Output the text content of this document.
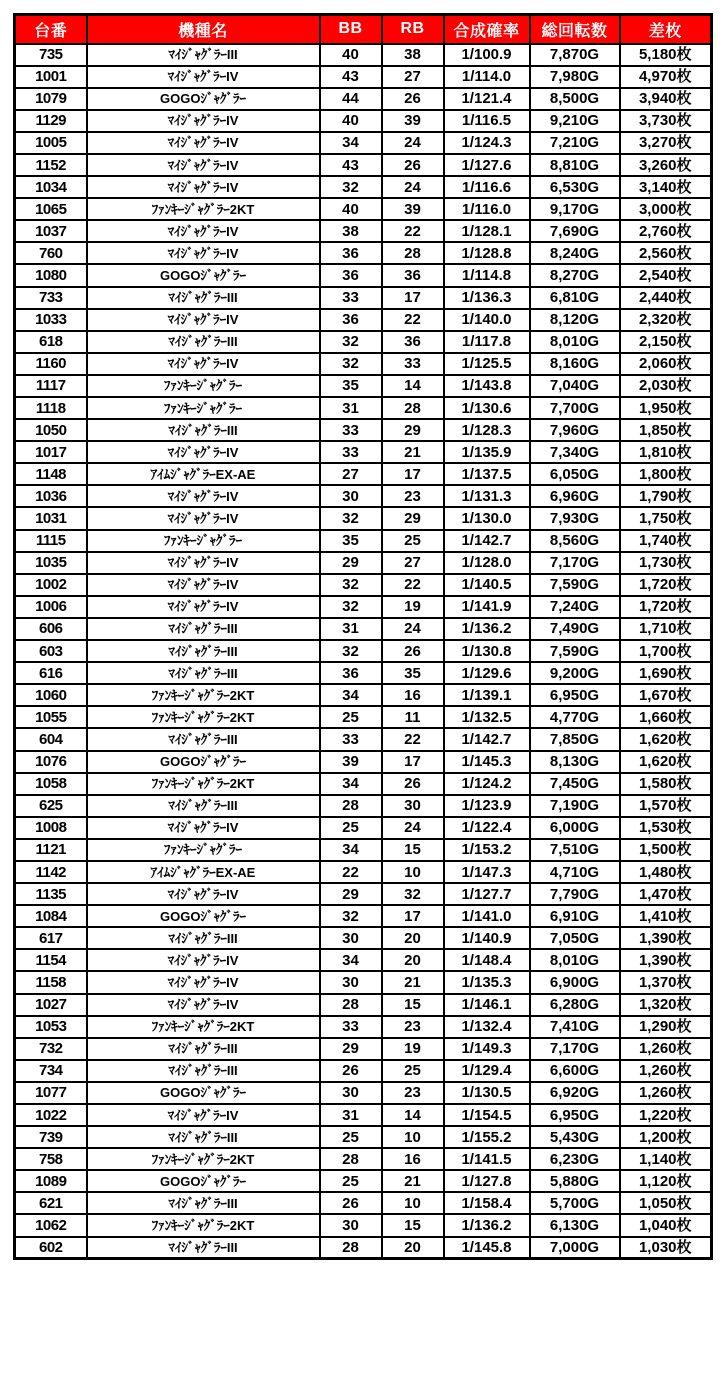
台番	機種名	BB	RB	合成確率	総回転数	差枚
735	ﾏｲｼﾞｬｸﾞﾗｰIII	40	38	1/100.9	7,870G	5,180枚
1001	ﾏｲｼﾞｬｸﾞﾗｰIV	43	27	1/114.0	7,980G	4,970枚
1079	GOGOｼﾞｬｸﾞﾗｰ	44	26	1/121.4	8,500G	3,940枚
1129	ﾏｲｼﾞｬｸﾞﾗｰIV	40	39	1/116.5	9,210G	3,730枚
1005	ﾏｲｼﾞｬｸﾞﾗｰIV	34	24	1/124.3	7,210G	3,270枚
1152	ﾏｲｼﾞｬｸﾞﾗｰIV	43	26	1/127.6	8,810G	3,260枚
1034	ﾏｲｼﾞｬｸﾞﾗｰIV	32	24	1/116.6	6,530G	3,140枚
1065	ﾌｧﾝｷｰｼﾞｬｸﾞﾗｰ2KT	40	39	1/116.0	9,170G	3,000枚
1037	ﾏｲｼﾞｬｸﾞﾗｰIV	38	22	1/128.1	7,690G	2,760枚
760	ﾏｲｼﾞｬｸﾞﾗｰIV	36	28	1/128.8	8,240G	2,560枚
1080	GOGOｼﾞｬｸﾞﾗｰ	36	36	1/114.8	8,270G	2,540枚
733	ﾏｲｼﾞｬｸﾞﾗｰIII	33	17	1/136.3	6,810G	2,440枚
1033	ﾏｲｼﾞｬｸﾞﾗｰIV	36	22	1/140.0	8,120G	2,320枚
618	ﾏｲｼﾞｬｸﾞﾗｰIII	32	36	1/117.8	8,010G	2,150枚
1160	ﾏｲｼﾞｬｸﾞﾗｰIV	32	33	1/125.5	8,160G	2,060枚
1117	ﾌｧﾝｷｰｼﾞｬｸﾞﾗｰ	35	14	1/143.8	7,040G	2,030枚
1118	ﾌｧﾝｷｰｼﾞｬｸﾞﾗｰ	31	28	1/130.6	7,700G	1,950枚
1050	ﾏｲｼﾞｬｸﾞﾗｰIII	33	29	1/128.3	7,960G	1,850枚
1017	ﾏｲｼﾞｬｸﾞﾗｰIV	33	21	1/135.9	7,340G	1,810枚
1148	ｱｲﾑｼﾞｬｸﾞﾗｰEX-AE	27	17	1/137.5	6,050G	1,800枚
1036	ﾏｲｼﾞｬｸﾞﾗｰIV	30	23	1/131.3	6,960G	1,790枚
1031	ﾏｲｼﾞｬｸﾞﾗｰIV	32	29	1/130.0	7,930G	1,750枚
1115	ﾌｧﾝｷｰｼﾞｬｸﾞﾗｰ	35	25	1/142.7	8,560G	1,740枚
1035	ﾏｲｼﾞｬｸﾞﾗｰIV	29	27	1/128.0	7,170G	1,730枚
1002	ﾏｲｼﾞｬｸﾞﾗｰIV	32	22	1/140.5	7,590G	1,720枚
1006	ﾏｲｼﾞｬｸﾞﾗｰIV	32	19	1/141.9	7,240G	1,720枚
606	ﾏｲｼﾞｬｸﾞﾗｰIII	31	24	1/136.2	7,490G	1,710枚
603	ﾏｲｼﾞｬｸﾞﾗｰIII	32	26	1/130.8	7,590G	1,700枚
616	ﾏｲｼﾞｬｸﾞﾗｰIII	36	35	1/129.6	9,200G	1,690枚
1060	ﾌｧﾝｷｰｼﾞｬｸﾞﾗｰ2KT	34	16	1/139.1	6,950G	1,670枚
1055	ﾌｧﾝｷｰｼﾞｬｸﾞﾗｰ2KT	25	11	1/132.5	4,770G	1,660枚
604	ﾏｲｼﾞｬｸﾞﾗｰIII	33	22	1/142.7	7,850G	1,620枚
1076	GOGOｼﾞｬｸﾞﾗｰ	39	17	1/145.3	8,130G	1,620枚
1058	ﾌｧﾝｷｰｼﾞｬｸﾞﾗｰ2KT	34	26	1/124.2	7,450G	1,580枚
625	ﾏｲｼﾞｬｸﾞﾗｰIII	28	30	1/123.9	7,190G	1,570枚
1008	ﾏｲｼﾞｬｸﾞﾗｰIV	25	24	1/122.4	6,000G	1,530枚
1121	ﾌｧﾝｷｰｼﾞｬｸﾞﾗｰ	34	15	1/153.2	7,510G	1,500枚
1142	ｱｲﾑｼﾞｬｸﾞﾗｰEX-AE	22	10	1/147.3	4,710G	1,480枚
1135	ﾏｲｼﾞｬｸﾞﾗｰIV	29	32	1/127.7	7,790G	1,470枚
1084	GOGOｼﾞｬｸﾞﾗｰ	32	17	1/141.0	6,910G	1,410枚
617	ﾏｲｼﾞｬｸﾞﾗｰIII	30	20	1/140.9	7,050G	1,390枚
1154	ﾏｲｼﾞｬｸﾞﾗｰIV	34	20	1/148.4	8,010G	1,390枚
1158	ﾏｲｼﾞｬｸﾞﾗｰIV	30	21	1/135.3	6,900G	1,370枚
1027	ﾏｲｼﾞｬｸﾞﾗｰIV	28	15	1/146.1	6,280G	1,320枚
1053	ﾌｧﾝｷｰｼﾞｬｸﾞﾗｰ2KT	33	23	1/132.4	7,410G	1,290枚
732	ﾏｲｼﾞｬｸﾞﾗｰIII	29	19	1/149.3	7,170G	1,260枚
734	ﾏｲｼﾞｬｸﾞﾗｰIII	26	25	1/129.4	6,600G	1,260枚
1077	GOGOｼﾞｬｸﾞﾗｰ	30	23	1/130.5	6,920G	1,260枚
1022	ﾏｲｼﾞｬｸﾞﾗｰIV	31	14	1/154.5	6,950G	1,220枚
739	ﾏｲｼﾞｬｸﾞﾗｰIII	25	10	1/155.2	5,430G	1,200枚
758	ﾌｧﾝｷｰｼﾞｬｸﾞﾗｰ2KT	28	16	1/141.5	6,230G	1,140枚
1089	GOGOｼﾞｬｸﾞﾗｰ	25	21	1/127.8	5,880G	1,120枚
621	ﾏｲｼﾞｬｸﾞﾗｰIII	26	10	1/158.4	5,700G	1,050枚
1062	ﾌｧﾝｷｰｼﾞｬｸﾞﾗｰ2KT	30	15	1/136.2	6,130G	1,040枚
602	ﾏｲｼﾞｬｸﾞﾗｰIII	28	20	1/145.8	7,000G	1,030枚
